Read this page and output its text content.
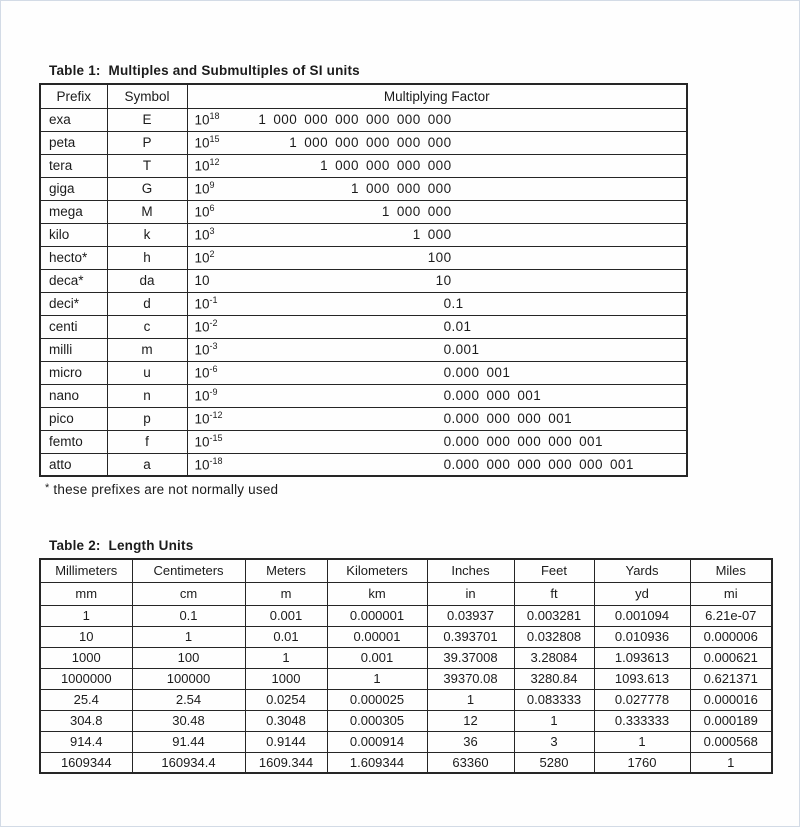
Table 1:  Multiples and Submultiples of SI units
Prefix	Symbol	Multiplying Factor
exa	E	$10^{18}$ 1 000 000 000 000 000 000

peta	P	$10^{15}$ 1 000 000 000 000 000

tera	T	$10^{12}$ 1 000 000 000 000

giga	G	$10^9$ 1 000 000 000

mega	M	$10^6$ 1 000 000

kilo	k	$10^3$ 1 000

hecto*	h	$10^2$ 100

deca*	da	10 10

deci*	d	$10^{-1}$ 0 .1

centi	c	$10^{-2}$ 0 .01

milli	m	$10^{-3}$ 0 .001

micro	u	$10^{-6}$ 0 .000 001

nano	n	$10^{-9}$ 0 .000 000 001

pico	p	$10^{-12}$ 0 .000 000 000 001

femto	f	$10^{-15}$ 0 .000 000 000 000 001

atto	a	$10^{-18}$ 0 .000 000 000 000 000 001
* these prefixes are not normally used
Table 2:  Length Units
Millimeters	Centimeters	Meters	Kilometers	Inches	Feet	Yards	Miles
mm	cm	m	km	in	ft	yd	mi
1	0.1	0.001	0.000001	0.03937	0.003281	0.001094	6.21e-07
10	1	0.01	0.00001	0.393701	0.032808	0.010936	0.000006
1000	100	1	0.001	39.37008	3.28084	1.093613	0.000621
1000000	100000	1000	1	39370.08	3280.84	1093.613	0.621371
25.4	2.54	0.0254	0.000025	1	0.083333	0.027778	0.000016
304.8	30.48	0.3048	0.000305	12	1	0.333333	0.000189
914.4	91.44	0.9144	0.000914	36	3	1	0.000568
1609344	160934.4	1609.344	1.609344	63360	5280	1760	1
